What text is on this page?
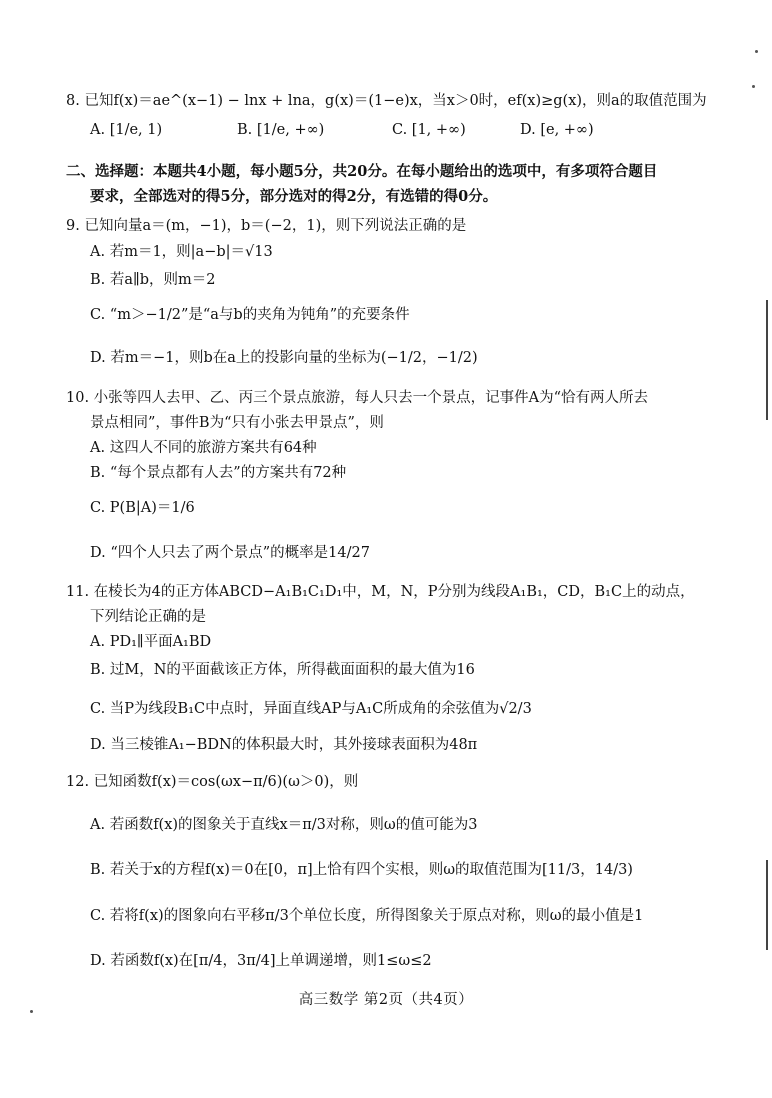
8. 已知f(x)＝ae^(x−1) − lnx + lna，g(x)＝(1−e)x，当x＞0时，ef(x)≥g(x)，则a的取值范围为
A. [1/e, 1)	B. [1/e, +∞)	C. [1, +∞)	D. [e, +∞)
二、选择题：本题共4小题，每小题5分，共20分。在每小题给出的选项中，有多项符合题目
要求，全部选对的得5分，部分选对的得2分，有选错的得0分。
9. 已知向量a＝(m，−1)，b＝(−2，1)，则下列说法正确的是
A. 若m＝1，则|a−b|＝√13
B. 若a∥b，则m＝2
C. “m＞−1/2”是“a与b的夹角为钝角”的充要条件
D. 若m＝−1，则b在a上的投影向量的坐标为(−1/2，−1/2)
10. 小张等四人去甲、乙、丙三个景点旅游，每人只去一个景点，记事件A为“恰有两人所去
景点相同”，事件B为“只有小张去甲景点”，则
A. 这四人不同的旅游方案共有64种
B. “每个景点都有人去”的方案共有72种
C. P(B|A)＝1/6
D. “四个人只去了两个景点”的概率是14/27
11. 在棱长为4的正方体ABCD−A₁B₁C₁D₁中，M，N，P分别为线段A₁B₁，CD，B₁C上的动点，
下列结论正确的是
A. PD₁∥平面A₁BD
B. 过M，N的平面截该正方体，所得截面面积的最大值为16
C. 当P为线段B₁C中点时，异面直线AP与A₁C所成角的余弦值为√2/3
D. 当三棱锥A₁−BDN的体积最大时，其外接球表面积为48π
12. 已知函数f(x)＝cos(ωx−π/6)(ω＞0)，则
A. 若函数f(x)的图象关于直线x＝π/3对称，则ω的值可能为3
B. 若关于x的方程f(x)＝0在[0，π]上恰有四个实根，则ω的取值范围为[11/3，14/3)
C. 若将f(x)的图象向右平移π/3个单位长度，所得图象关于原点对称，则ω的最小值是1
D. 若函数f(x)在[π/4，3π/4]上单调递增，则1≤ω≤2
高三数学 第2页（共4页）
